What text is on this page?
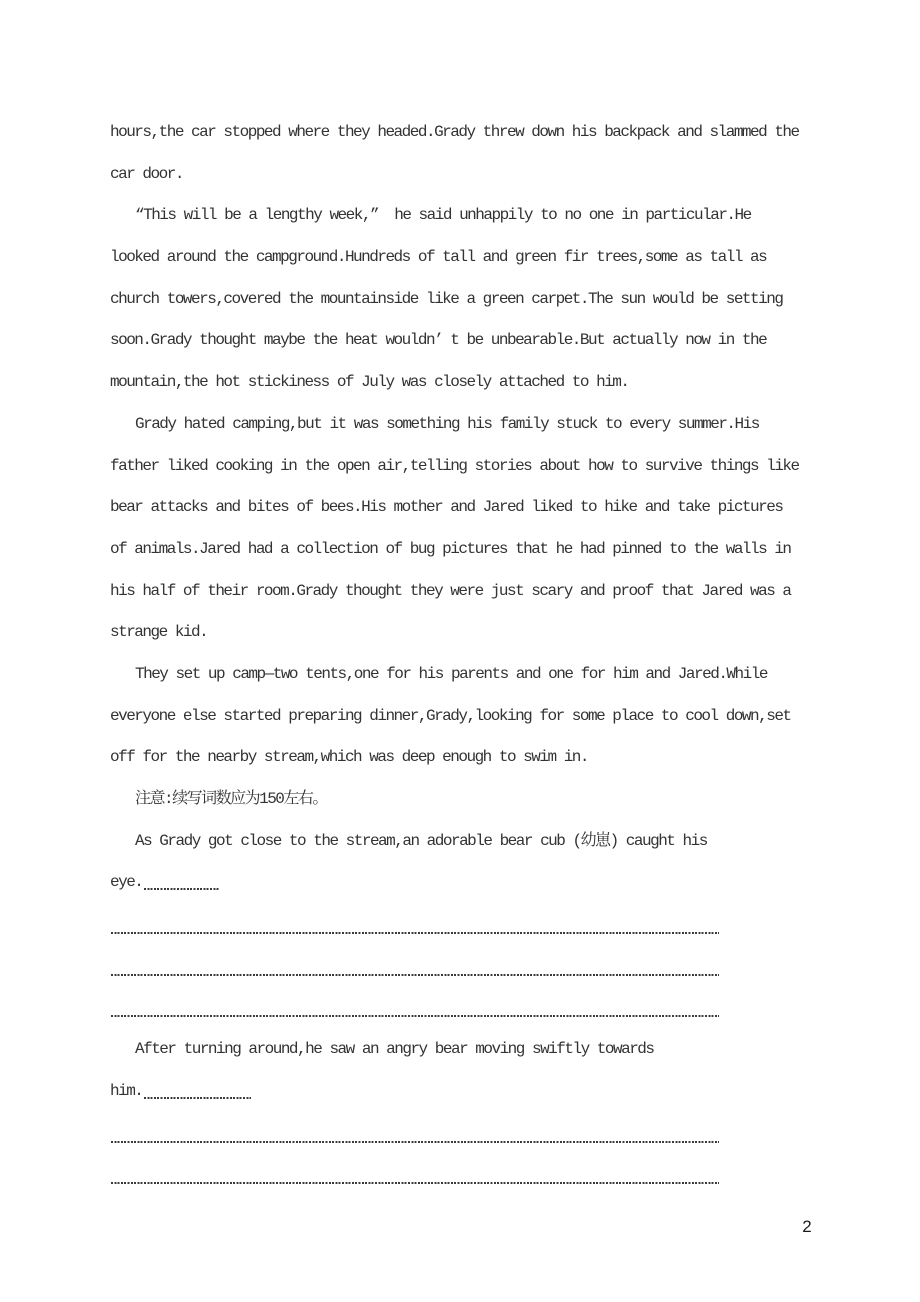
hours,the car stopped where they headed.Grady threw down his backpack and slammed the
car door.
“This will be a lengthy week,”  he said unhappily to no one in particular.He
looked around the campground.Hundreds of tall and green fir trees,some as tall as
church towers,covered the mountainside like a green carpet.The sun would be setting
soon.Grady thought maybe the heat wouldn’ t be unbearable.But actually now in the
mountain,the hot stickiness of July was closely attached to him.
Grady hated camping,but it was something his family stuck to every summer.His
father liked cooking in the open air,telling stories about how to survive things like
bear attacks and bites of bees.His mother and Jared liked to hike and take pictures
of animals.Jared had a collection of bug pictures that he had pinned to the walls in
his half of their room.Grady thought they were just scary and proof that Jared was a
strange kid.
They set up camp—two tents,one for his parents and one for him and Jared.While
everyone else started preparing dinner,Grady,looking for some place to cool down,set
off for the nearby stream,which was deep enough to swim in.
注意:续写词数应为150左右。
As Grady got close to the stream,an adorable bear cub (幼崽) caught his
eye.
After turning around,he saw an angry bear moving swiftly towards
him.
2
